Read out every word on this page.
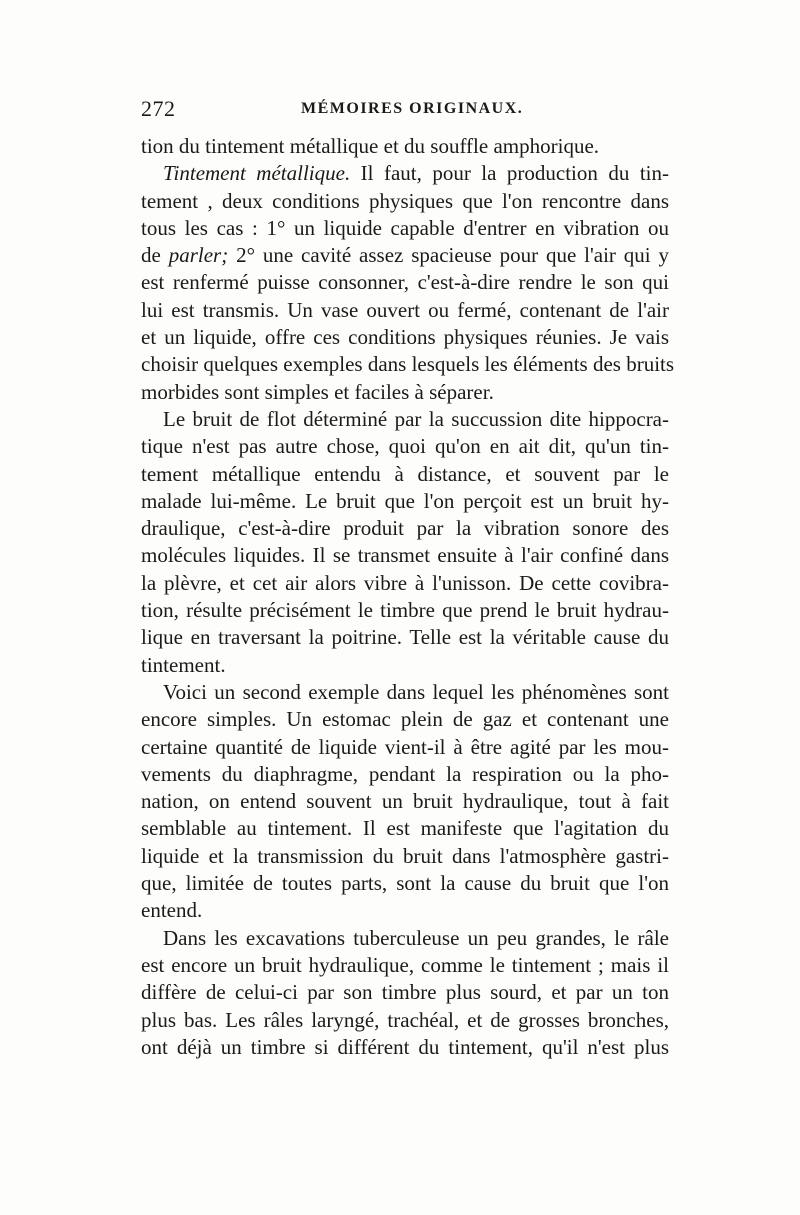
272	MÉMOIRES ORIGINAUX.
tion du tintement métallique et du souffle amphorique.
Tintement métallique. Il faut, pour la production du tin-
tement , deux conditions physiques que l'on rencontre dans
tous les cas : 1° un liquide capable d'entrer en vibration ou
de parler; 2° une cavité assez spacieuse pour que l'air qui y
est renfermé puisse consonner, c'est-à-dire rendre le son qui
lui est transmis. Un vase ouvert ou fermé, contenant de l'air
et un liquide, offre ces conditions physiques réunies. Je vais
choisir quelques exemples dans lesquels les éléments des bruits
morbides sont simples et faciles à séparer.
Le bruit de flot déterminé par la succussion dite hippocra-
tique n'est pas autre chose, quoi qu'on en ait dit, qu'un tin-
tement métallique entendu à distance, et souvent par le
malade lui-même. Le bruit que l'on perçoit est un bruit hy-
draulique, c'est-à-dire produit par la vibration sonore des
molécules liquides. Il se transmet ensuite à l'air confiné dans
la plèvre, et cet air alors vibre à l'unisson. De cette covibra-
tion, résulte précisément le timbre que prend le bruit hydrau-
lique en traversant la poitrine. Telle est la véritable cause du
tintement.
Voici un second exemple dans lequel les phénomènes sont
encore simples. Un estomac plein de gaz et contenant une
certaine quantité de liquide vient-il à être agité par les mou-
vements du diaphragme, pendant la respiration ou la pho-
nation, on entend souvent un bruit hydraulique, tout à fait
semblable au tintement. Il est manifeste que l'agitation du
liquide et la transmission du bruit dans l'atmosphère gastri-
que, limitée de toutes parts, sont la cause du bruit que l'on
entend.
Dans les excavations tuberculeuse un peu grandes, le râle
est encore un bruit hydraulique, comme le tintement ; mais il
diffère de celui-ci par son timbre plus sourd, et par un ton
plus bas. Les râles laryngé, trachéal, et de grosses bronches,
ont déjà un timbre si différent du tintement, qu'il n'est plus
